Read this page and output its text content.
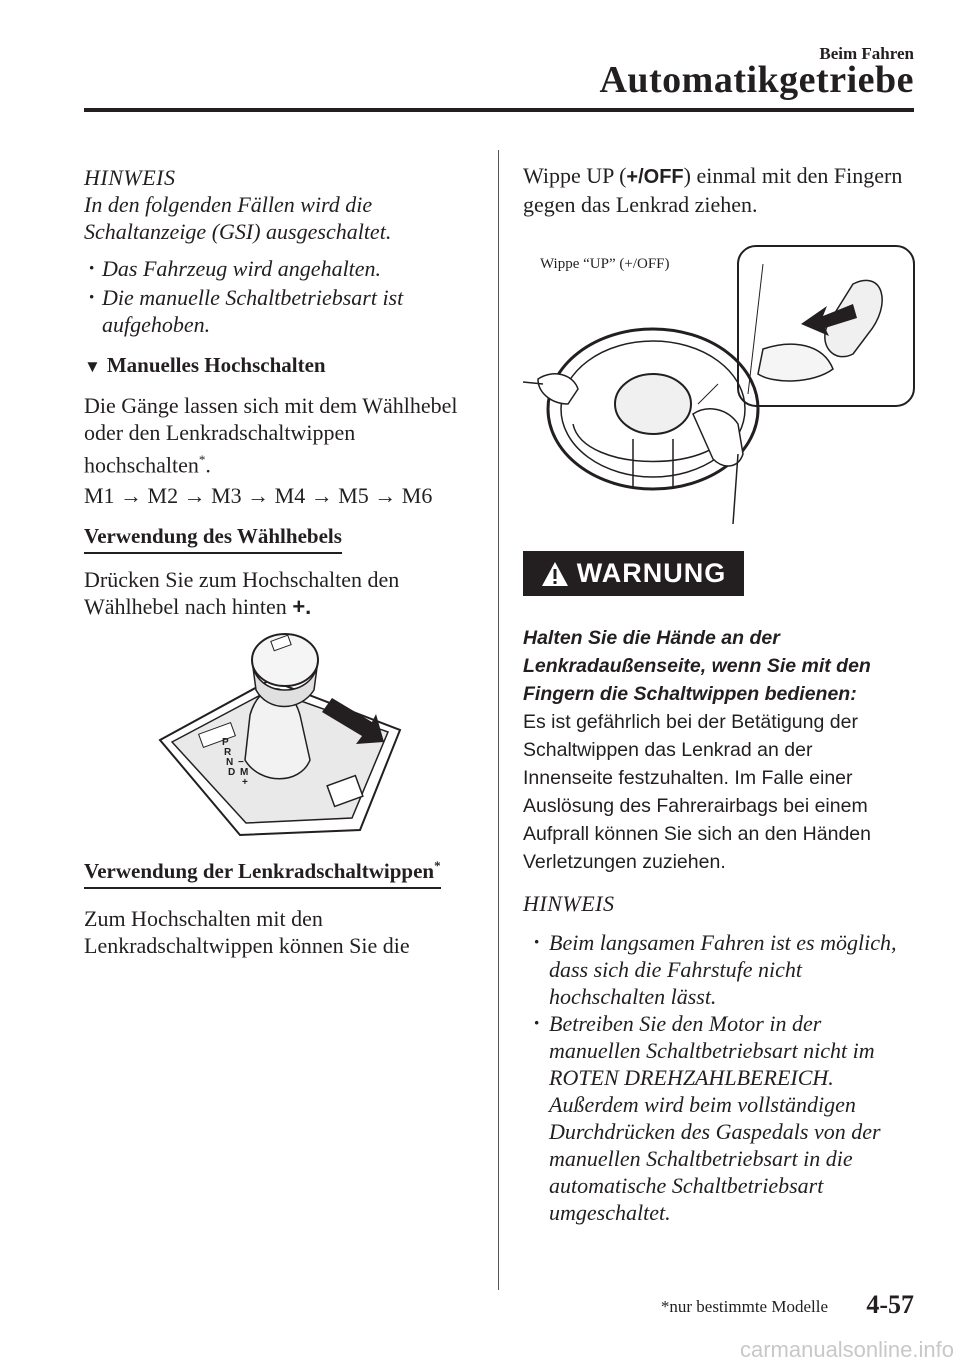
Beim Fahren
Automatikgetriebe
HINWEIS
In den folgenden Fällen wird die Schaltanzeige (GSI) ausgeschaltet.
· Das Fahrzeug wird angehalten.
· Die manuelle Schaltbetriebsart ist aufgehoben.
▼ Manuelles Hochschalten
Die Gänge lassen sich mit dem Wählhebel oder den Lenkradschaltwippen hochschalten*.
M1 → M2 → M3 → M4 → M5 → M6
Verwendung des Wählhebels
Drücken Sie zum Hochschalten den Wählhebel nach hinten +.
P
R
N
D M
+
−
Verwendung der Lenkradschaltwippen*
Zum Hochschalten mit den Lenkradschaltwippen können Sie die
Wippe UP (+/OFF) einmal mit den Fingern gegen das Lenkrad ziehen.
Wippe “UP” (+/OFF)
WARNUNG
Halten Sie die Hände an der Lenkradaußenseite, wenn Sie mit den Fingern die Schaltwippen bedienen:
Es ist gefährlich bei der Betätigung der Schaltwippen das Lenkrad an der Innenseite festzuhalten. Im Falle einer Auslösung des Fahrerairbags bei einem Aufprall können Sie sich an den Händen Verletzungen zuziehen.
HINWEIS
· Beim langsamen Fahren ist es möglich, dass sich die Fahrstufe nicht hochschalten lässt.
· Betreiben Sie den Motor in der manuellen Schaltbetriebsart nicht im ROTEN DREHZAHLBEREICH. Außerdem wird beim vollständigen Durchdrücken des Gaspedals von der manuellen Schaltbetriebsart in die automatische Schaltbetriebsart umgeschaltet.
*nur bestimmte Modelle 4-57
carmanualsonline.info
